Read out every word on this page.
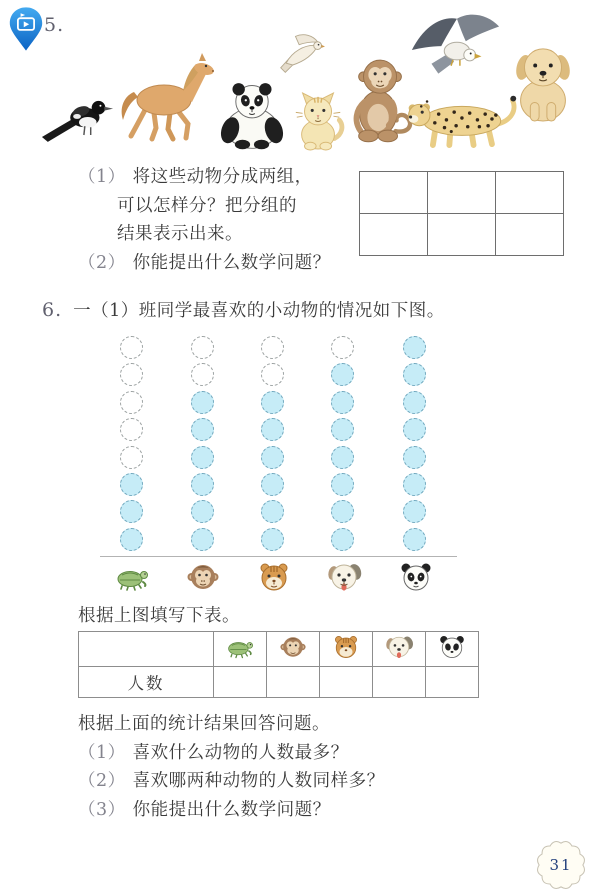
5.
（1） 将这些动物分成两组，
可以怎样分？把分组的
结果表示出来。
（2） 你能提出什么数学问题？

6. 一（1）班同学最喜欢的小动物的情况如下图。
根据上图填写下表。

人数					
根据上面的统计结果回答问题。
（1） 喜欢什么动物的人数最多？
（2） 喜欢哪两种动物的人数同样多？
（3） 你能提出什么数学问题？
31
